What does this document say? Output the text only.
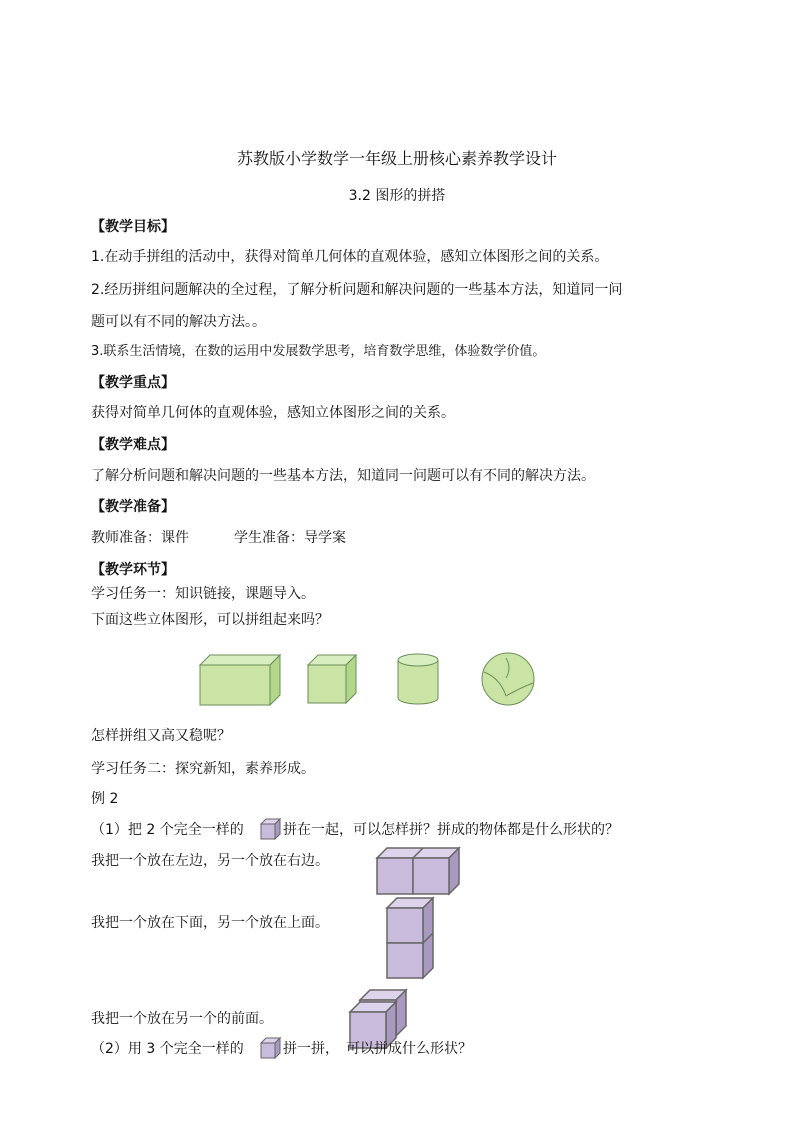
苏教版小学数学一年级上册核心素养教学设计
3.2 图形的拼搭
【教学目标】
1.在动手拼组的活动中，获得对简单几何体的直观体验，感知立体图形之间的关系。
2.经历拼组问题解决的全过程，了解分析问题和解决问题的一些基本方法，知道同一问
题可以有不同的解决方法。。
3.联系生活情境，在数的运用中发展数学思考，培育数学思维，体验数学价值。
【教学重点】
获得对简单几何体的直观体验，感知立体图形之间的关系。
【教学难点】
了解分析问题和解决问题的一些基本方法，知道同一问题可以有不同的解决方法。
【教学准备】
教师准备：课件	学生准备：导学案
【教学环节】
学习任务一：知识链接，课题导入。
下面这些立体图形，可以拼组起来吗？
怎样拼组又高又稳呢？
学习任务二：探究新知，素养形成。
例 2
（1）把 2 个完全一样的	拼在一起，可以怎样拼？拼成的物体都是什么形状的？
我把一个放在左边，另一个放在右边。
我把一个放在下面，另一个放在上面。
我把一个放在另一个的前面。
（2）用 3 个完全一样的	拼一拼， 可以拼成什么形状？
